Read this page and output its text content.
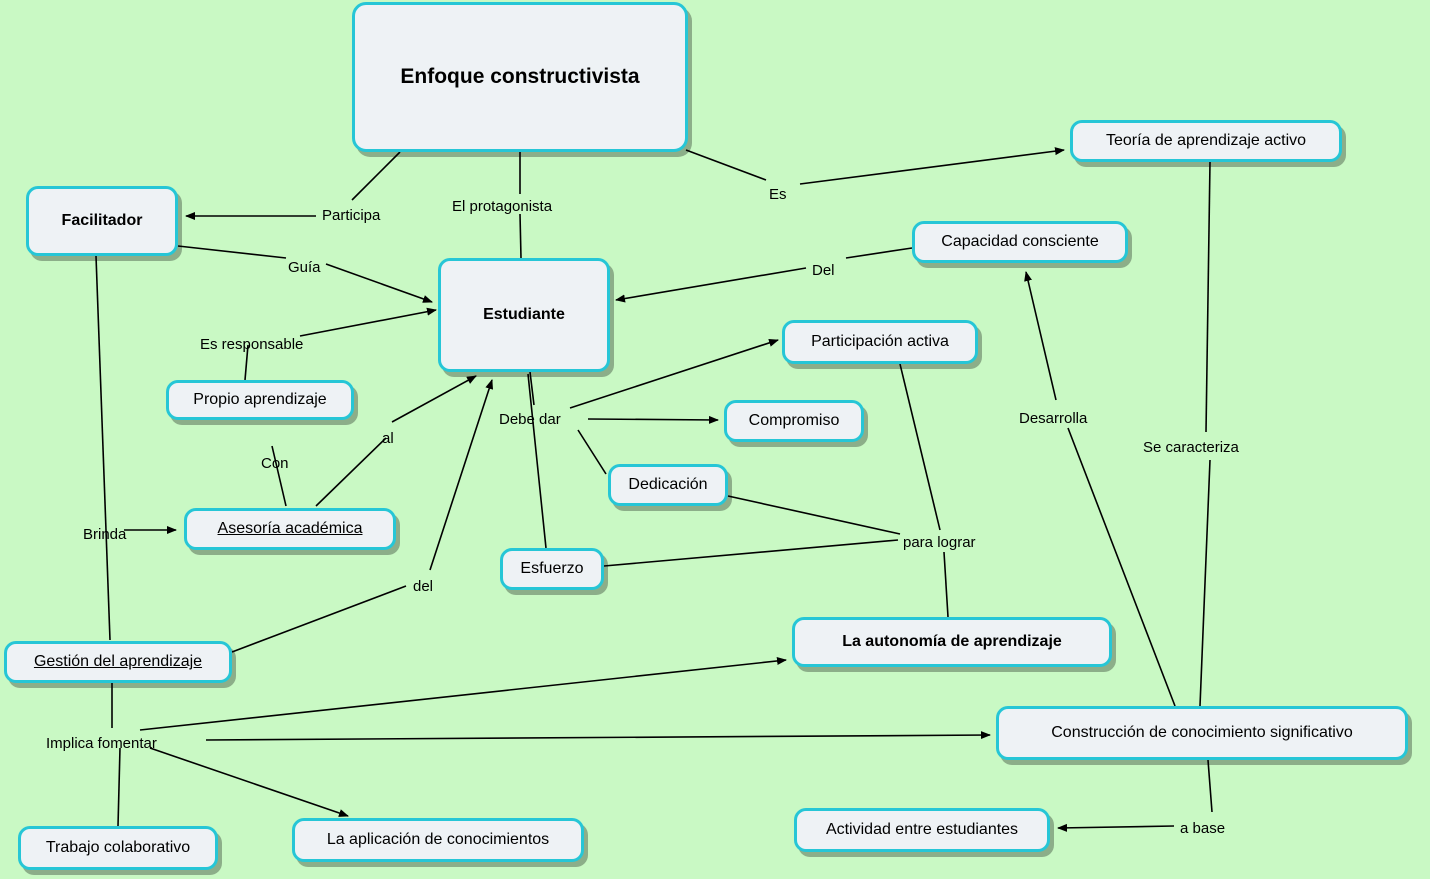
Enfoque constructivista
Teoría de aprendizaje activo
Facilitador
Capacidad consciente
Estudiante
Participación activa
Propio aprendizaje
Compromiso
Dedicación
Asesoría académica
Esfuerzo
La autonomía de aprendizaje
Gestión del aprendizaje
Construcción de conocimiento significativo
Actividad entre estudiantes
La aplicación de conocimientos
Trabajo colaborativo
Participa
El protagonista
Es
Guía	Del
Es responsable
Debe dar	Desarrolla
al
Se caracteriza
Con
Brinda	para lograr
del
Implica fomentar
a base
